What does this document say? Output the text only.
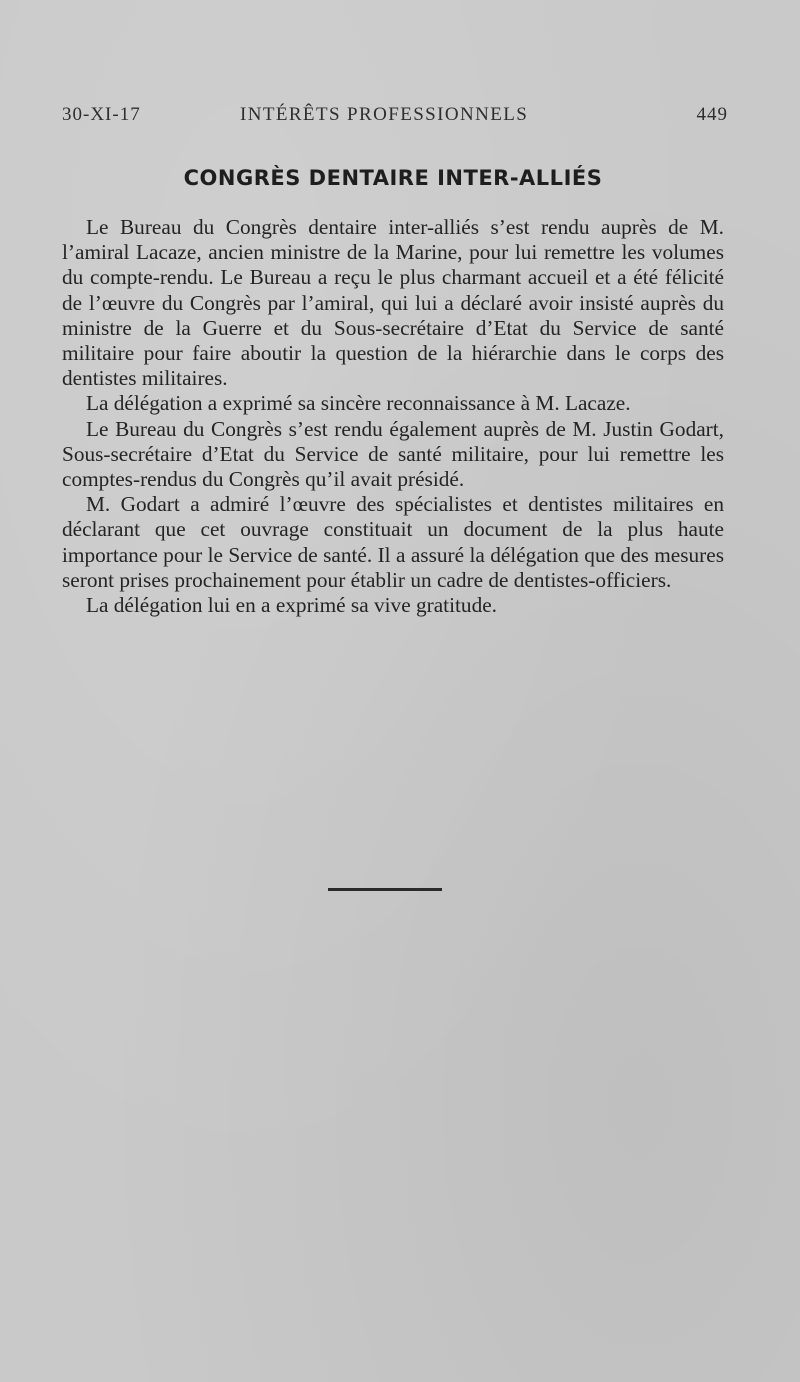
30-XI-17	INTÉRÊTS PROFESSIONNELS	449
CONGRÈS DENTAIRE INTER-ALLIÉS

Le Bureau du Congrès dentaire inter-alliés s’est rendu auprès de M. l’amiral Lacaze, ancien ministre de la Marine, pour lui remettre les volumes du compte-rendu. Le Bureau a reçu le plus charmant accueil et a été félicité de l’œuvre du Congrès par l’amiral, qui lui a déclaré avoir insisté auprès du ministre de la Guerre et du Sous-secrétaire d’Etat du Service de santé militaire pour faire aboutir la question de la hiérarchie dans le corps des dentistes militaires.

La délégation a exprimé sa sincère reconnaissance à M. Lacaze.

Le Bureau du Congrès s’est rendu également auprès de M. Justin Godart, Sous-secrétaire d’Etat du Service de santé militaire, pour lui remettre les comptes-rendus du Congrès qu’il avait présidé.

M. Godart a admiré l’œuvre des spécialistes et dentistes militaires en déclarant que cet ouvrage constituait un document de la plus haute importance pour le Service de santé. Il a assuré la délégation que des mesures seront prises prochainement pour établir un cadre de dentistes-officiers.

La délégation lui en a exprimé sa vive gratitude.
